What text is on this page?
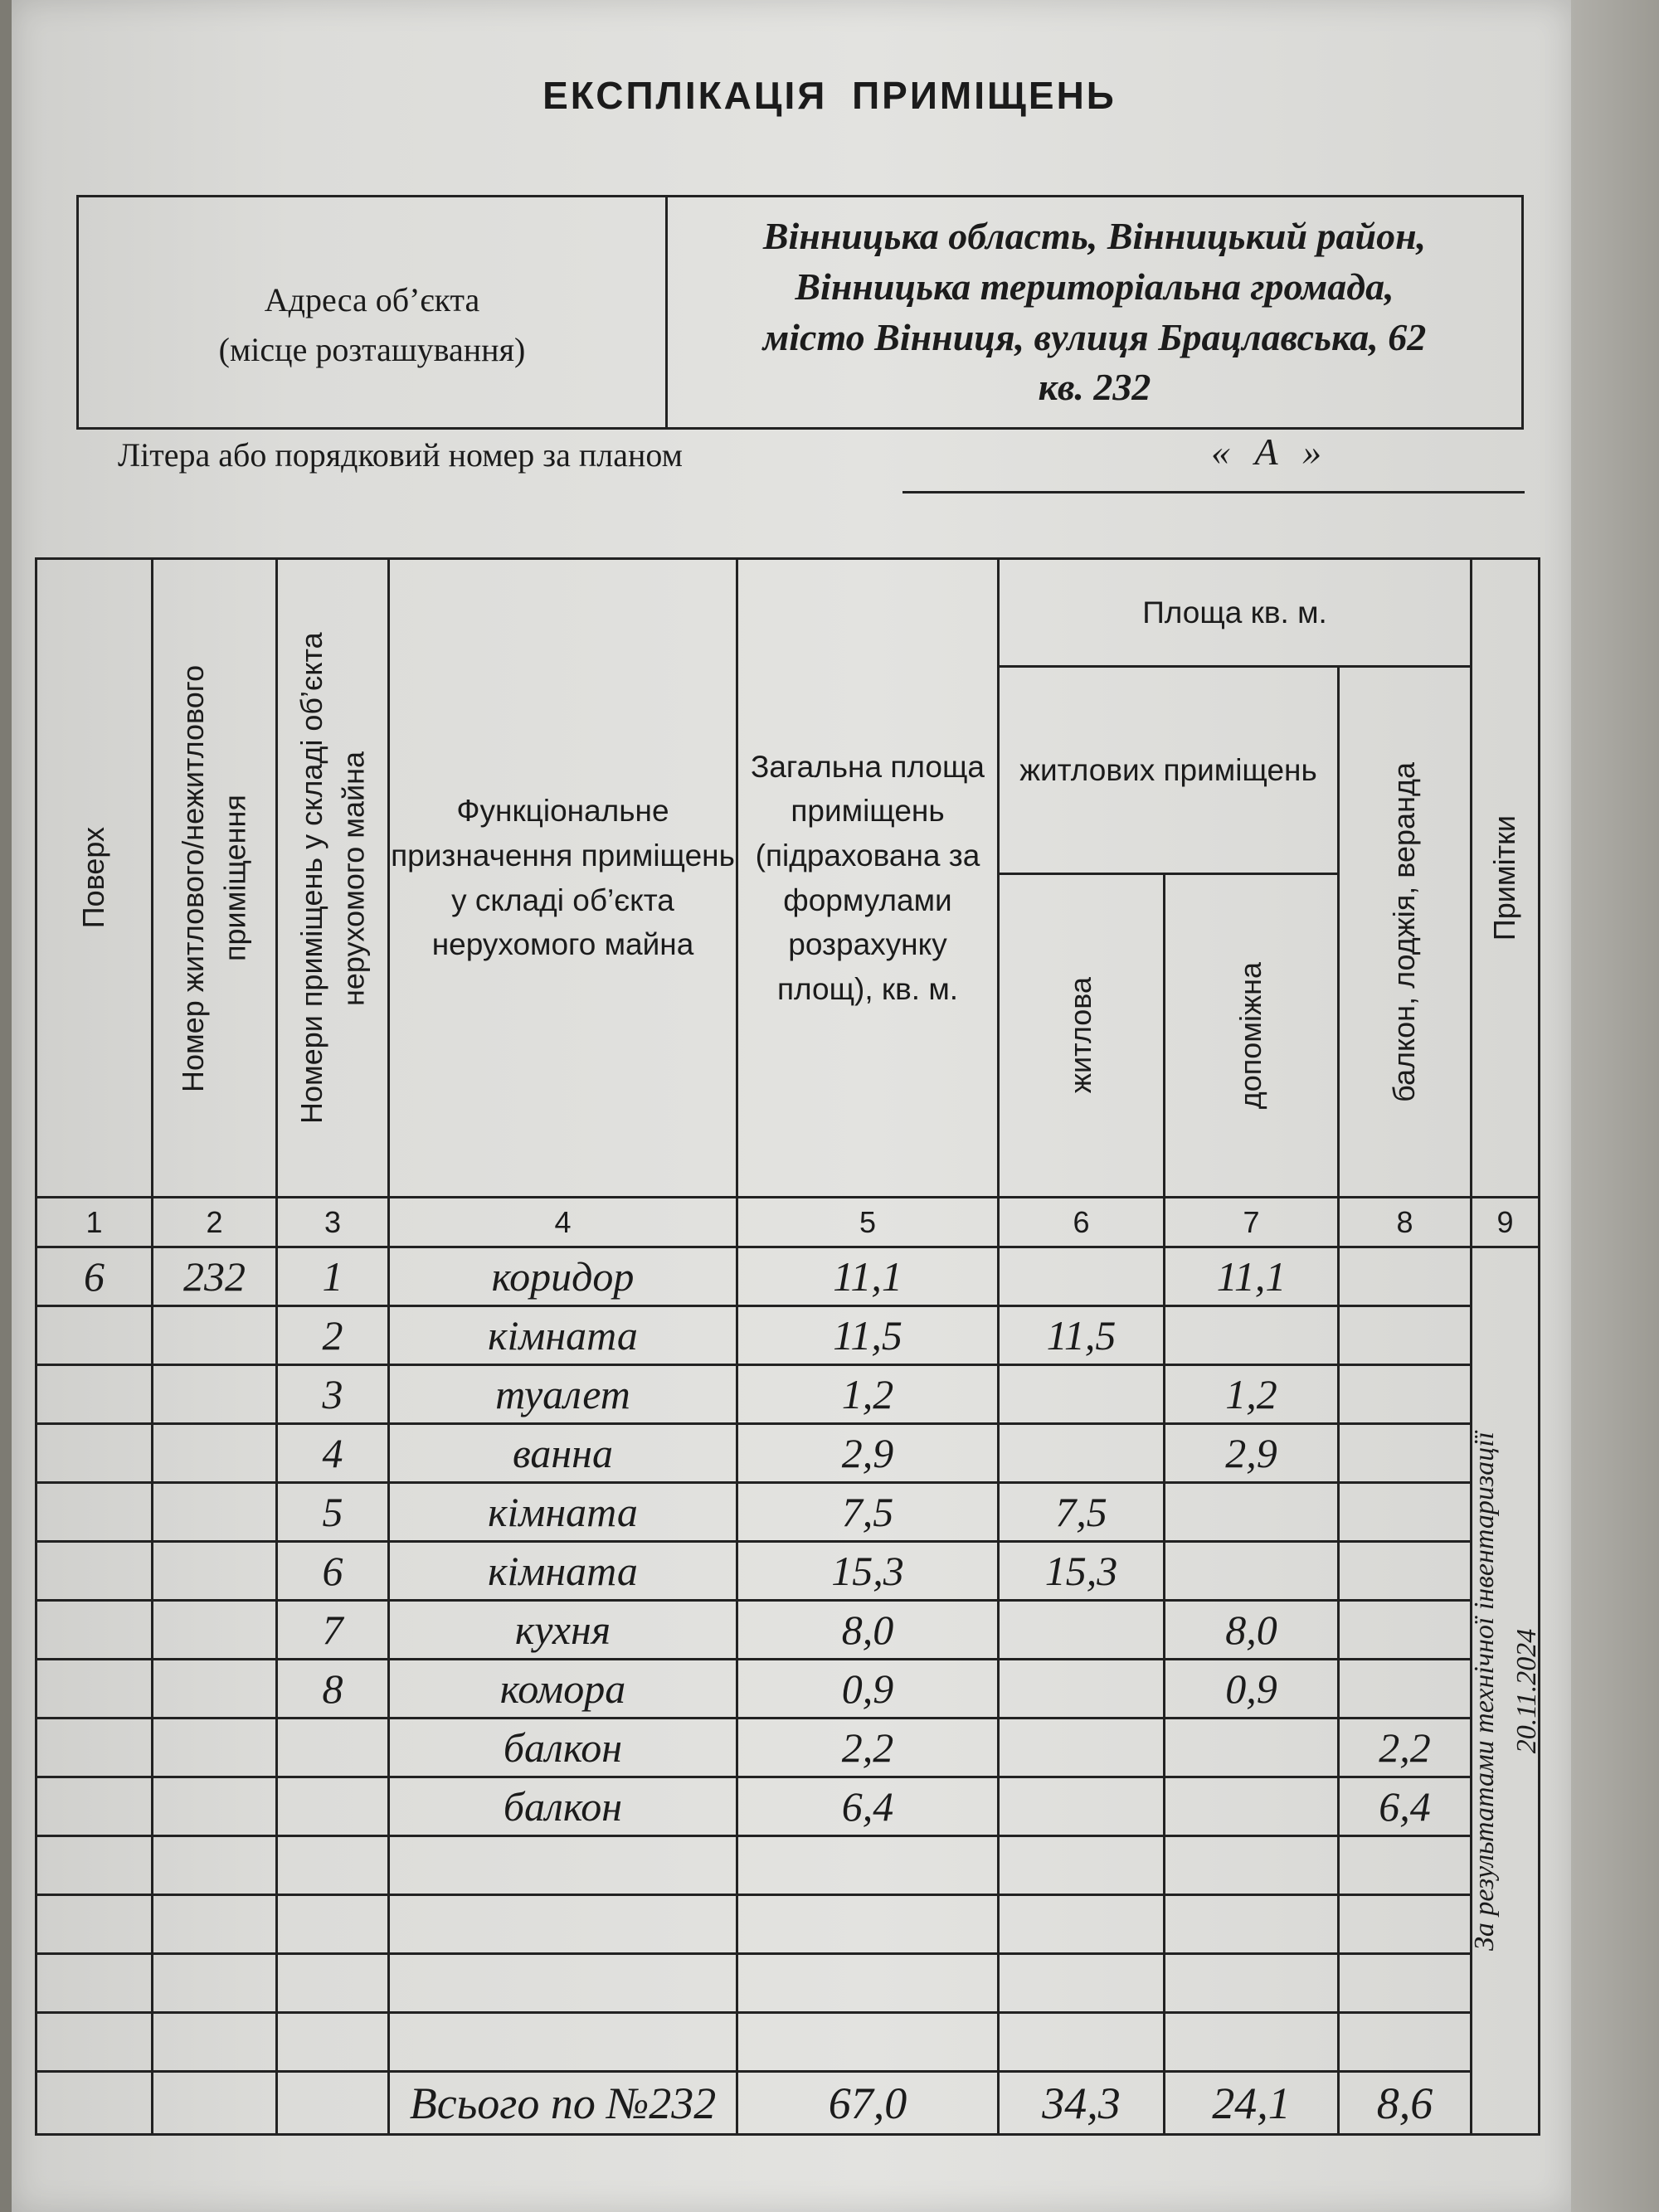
ЕКСПЛІКАЦІЯ ПРИМІЩЕНЬ
Адреса об’єкта
(місце розташування)
Вінницька область, Вінницький район,
Вінницька територіальна громада,
місто Вінниця, вулиця Брацлавська, 62
кв. 232
Літера або порядковий номер за планом	« А »
Поверх	Номер житлового/нежитлового приміщення	Номери приміщень у складі об’єкта нерухомого майна	Функціональне призначення приміщень у складі об’єкта нерухомого майна	Загальна площа приміщень (підрахована за формулами розрахунку площ), кв. м.	Площа кв. м.			Примітки

					житлових приміщень		балкон, лоджія, веранда	

					житлова	допоміжна		

1	2	3	4	5	6	7	8	9
6	232	1	коридор	11,1		11,1		За результатами технічної інвентаризації 20.11.2024

		2	кімната	11,5	11,5			
		3	туалет	1,2		1,2		
		4	ванна	2,9		2,9		
		5	кімната	7,5	7,5			
		6	кімната	15,3	15,3			
		7	кухня	8,0		8,0		
		8	комора	0,9		0,9		
			балкон	2,2			2,2	
			балкон	6,4			6,4	

			Всього по №232	67,0	34,3	24,1	8,6	
